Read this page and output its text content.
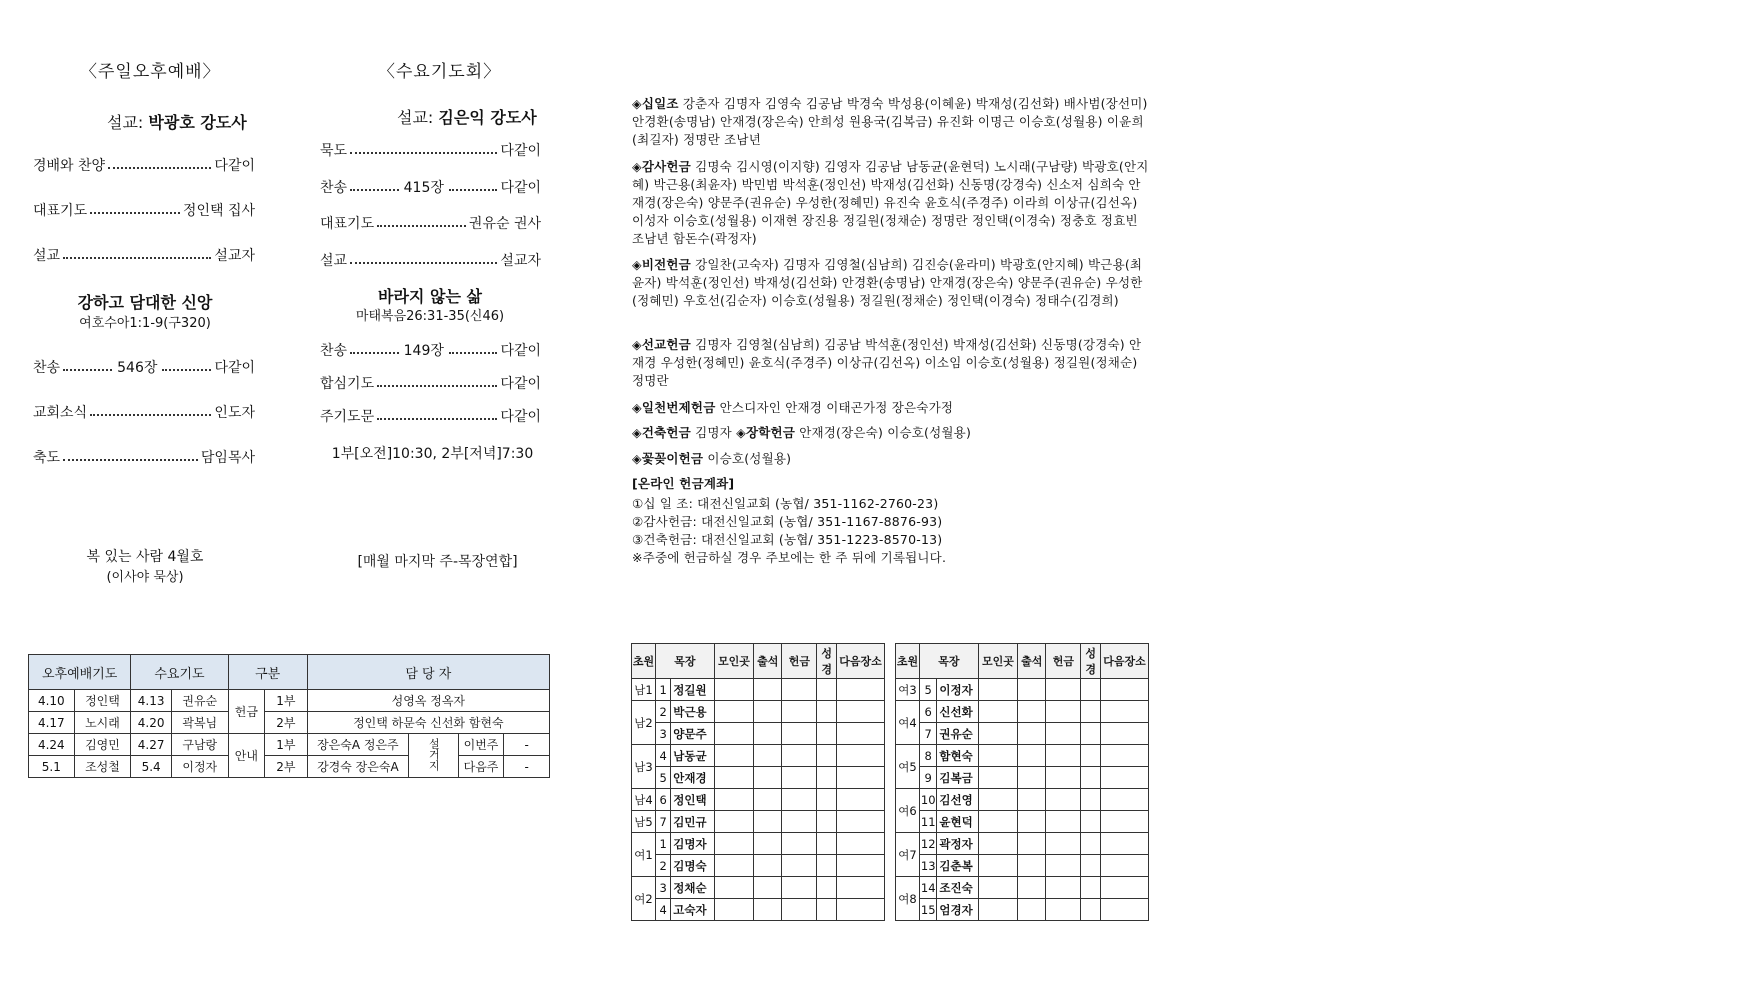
〈주일오후예배〉
설교: 박광호 강도사
경배와 찬양	다같이
대표기도	정인택 집사
설교	설교자
강하고 담대한 신앙
여호수아1:1-9(구320)
찬송	546장	다같이
교회소식	인도자
축도	담임목사
복 있는 사람 4월호
(이사야 묵상)
〈수요기도회〉
설교: 김은익 강도사
묵도	다같이
찬송	415장	다같이
대표기도	권유순 권사
설교	설교자
바라지 않는 삶
마태복음26:31-35(신46)
찬송	149장	다같이
합심기도	다같이
주기도문	다같이
1부[오전]10:30, 2부[저녁]7:30
[매월 마지막 주-목장연합]
◈십일조 강춘자 김명자 김영숙 김공남 박경숙 박성용(이혜윤) 박재성(김선화) 배사범(장선미) 안경환(송명남) 안재경(장은숙) 안희성 원용국(김복금) 유진화 이명근 이승호(성월용) 이윤희(최길자) 정명란 조남년
◈감사헌금 김명숙 김시영(이지향) 김영자 김공남 남동균(윤현덕) 노시래(구남량) 박광호(안지혜) 박근용(최윤자) 박민범 박석훈(정인선) 박재성(김선화) 신동명(강경숙) 신소저 심희숙 안재경(장은숙) 양문주(권유순) 우성한(정혜민) 유진숙 윤호식(주경주) 이라희 이상규(김선옥) 이성자 이승호(성월용) 이재현 장진용 정길원(정채순) 정명란 정인택(이경숙) 정충호 정효빈 조남년 함돈수(곽정자)
◈비전헌금 강일찬(고숙자) 김명자 김영철(심남희) 김진승(윤라미) 박광호(안지혜) 박근용(최윤자) 박석훈(정인선) 박재성(김선화) 안경환(송명남) 안재경(장은숙) 양문주(권유순) 우성한(정혜민) 우호선(김순자) 이승호(성월용) 정길원(정채순) 정인택(이경숙) 정태수(김경희)
◈선교헌금 김명자 김영철(심남희) 김공남 박석훈(정인선) 박재성(김선화) 신동명(강경숙) 안재경 우성한(정혜민) 윤호식(주경주) 이상규(김선옥) 이소임 이승호(성월용) 정길원(정채순) 정명란
◈일천번제헌금 안스디자인 안재경 이태곤가정 장은숙가정
◈건축헌금 김명자 ◈장학헌금 안재경(장은숙) 이승호(성월용)
◈꽃꽂이헌금 이승호(성월용)
[온라인 헌금계좌]
①십 일 조: 대전신일교회 (농협/ 351-1162-2760-23)
②감사헌금: 대전신일교회 (농협/ 351-1167-8876-93)
③건축헌금: 대전신일교회 (농협/ 351-1223-8570-13)
※주중에 헌금하실 경우 주보에는 한 주 뒤에 기록됩니다.
오후예배기도		수요기도		구분		담 당 자			
4.10	정인택	4.13	권유순	헌금	1부	성영옥 정옥자			
4.17	노시래	4.20	곽복님		2부	정인택 하문숙 신선화 함현숙			
4.24	김영민	4.27	구남랑	안내	1부	장은숙A 정은주	설거지	이번주	-
5.1	조성철	5.4	이정자		2부	강경숙 장은숙A		다음주	-
초원	목장		모인곳	출석	헌금	성경	다음장소
남1	1	정길원					
남2	2	박근용					
	3	양문주					
남3	4	남동균					
	5	안재경					
남4	6	정인택					
남5	7	김민규					
여1	1	김명자					
	2	김명숙					
여2	3	정채순					
	4	고숙자					
초원	목장		모인곳	출석	헌금	성경	다음장소
여3	5	이정자					
여4	6	신선화					
	7	권유순					
여5	8	함현숙					
	9	김복금					
여6	10	김선영					
	11	윤현덕					
여7	12	곽정자					
	13	김춘복					
여8	14	조진숙					
	15	엄경자					
